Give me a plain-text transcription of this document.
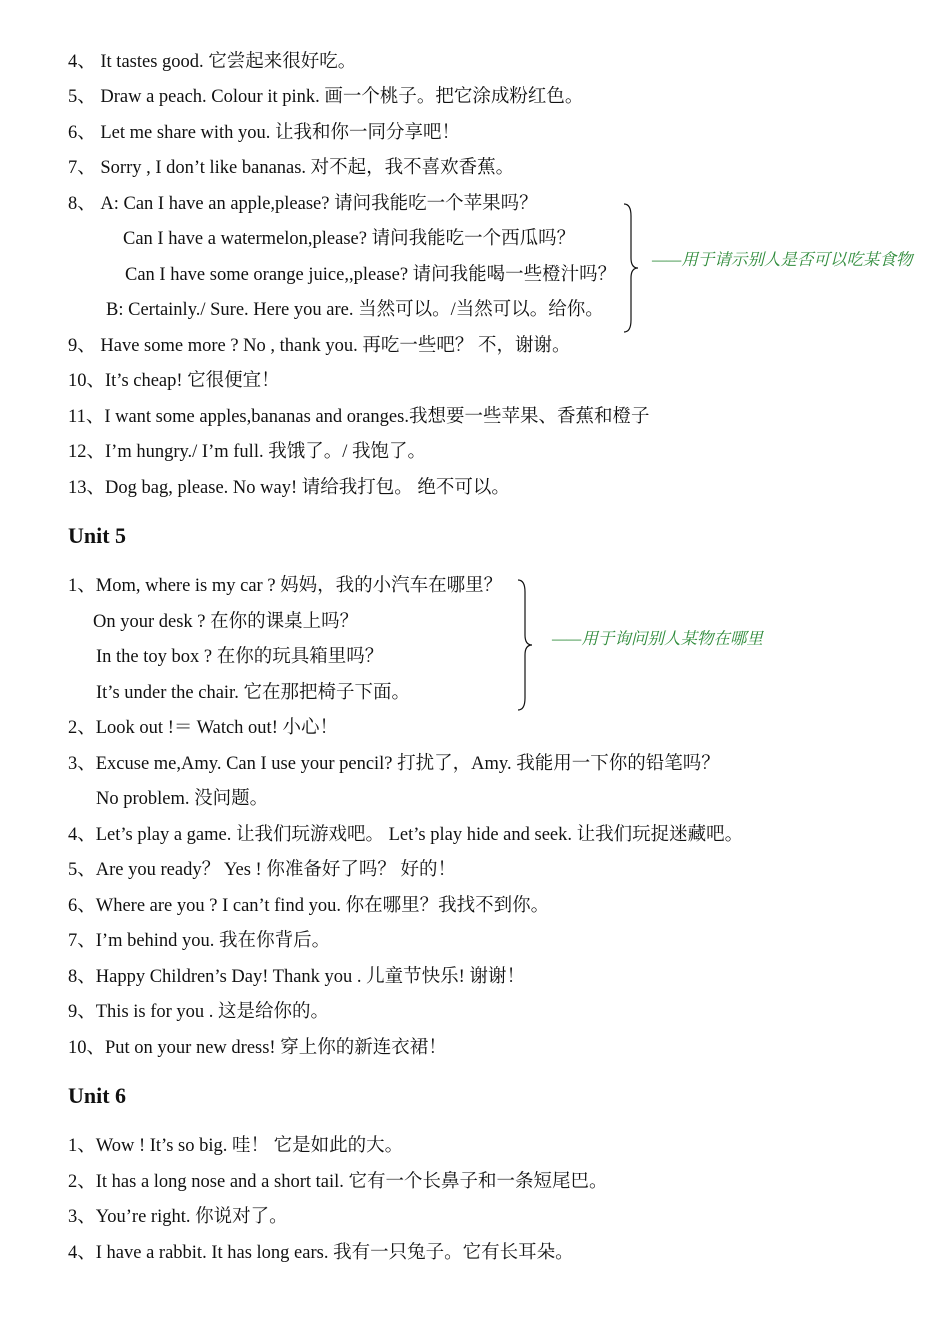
4、 It tastes good. 它尝起来很好吃。
5、 Draw a peach. Colour it pink. 画一个桃子。把它涂成粉红色。
6、 Let me share with you. 让我和你一同分享吧！
7、 Sorry , I don’t like bananas. 对不起，我不喜欢香蕉。
8、 A: Can I have an apple,please? 请问我能吃一个苹果吗？
Can I have a watermelon,please? 请问我能吃一个西瓜吗？
Can I have some orange juice,,please? 请问我能喝一些橙汁吗？
B: Certainly./ Sure. Here you are. 当然可以。/当然可以。给你。
9、 Have some more ? No , thank you. 再吃一些吧？ 不，谢谢。
10、It’s cheap! 它很便宜！
11、I want some apples,bananas and oranges.我想要一些苹果、香蕉和橙子
12、I’m hungry./ I’m full. 我饿了。/ 我饱了。
13、Dog bag, please. No way! 请给我打包。 绝不可以。
——用于请示别人是否可以吃某食物
Unit 5
1、Mom, where is my car ? 妈妈，我的小汽车在哪里？
On your desk ? 在你的课桌上吗？
In the toy box ? 在你的玩具箱里吗？
It’s under the chair. 它在那把椅子下面。
2、Look out !＝ Watch out! 小心！
3、Excuse me,Amy. Can I use your pencil? 打扰了，Amy. 我能用一下你的铅笔吗？
No problem. 没问题。
4、Let’s play a game. 让我们玩游戏吧。 Let’s play hide and seek. 让我们玩捉迷藏吧。
5、Are you ready？ Yes ! 你准备好了吗？ 好的！
6、Where are you ? I can’t find you. 你在哪里？我找不到你。
7、I’m behind you. 我在你背后。
8、Happy Children’s Day! Thank you . 儿童节快乐! 谢谢！
9、This is for you . 这是给你的。
10、Put on your new dress! 穿上你的新连衣裙！
——用于询问别人某物在哪里
Unit 6
1、Wow ! It’s so big. 哇！ 它是如此的大。
2、It has a long nose and a short tail. 它有一个长鼻子和一条短尾巴。
3、You’re right. 你说对了。
4、I have a rabbit. It has long ears. 我有一只兔子。它有长耳朵。
